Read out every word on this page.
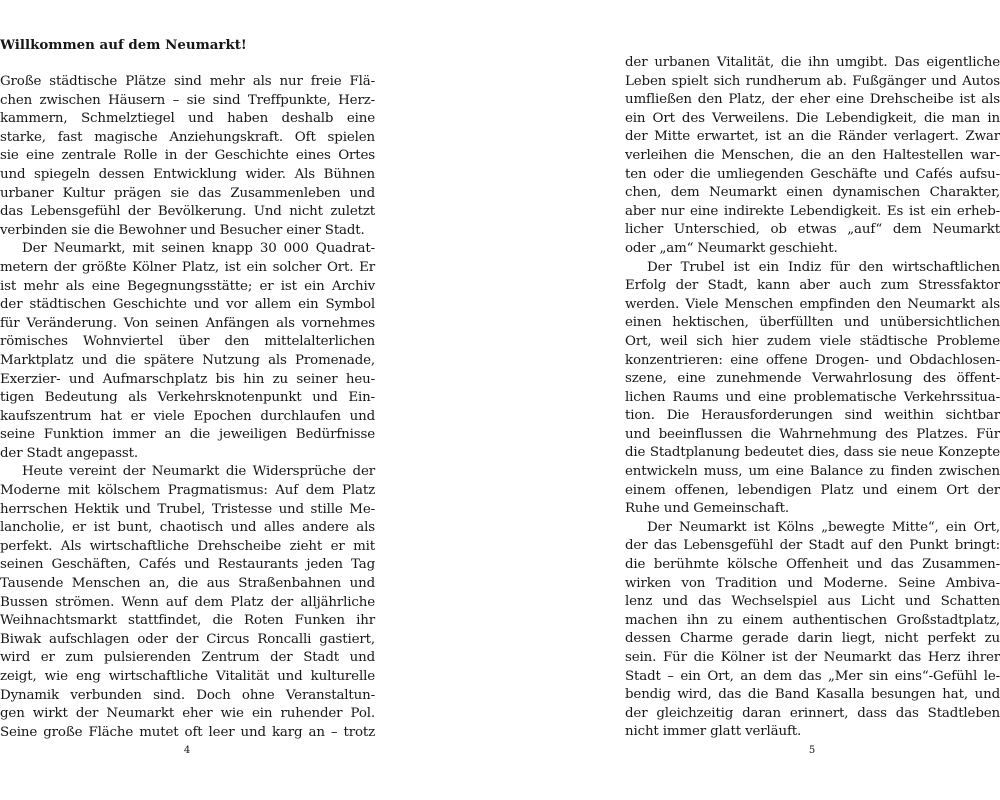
Willkommen auf dem Neumarkt!
Große städtische Plätze sind mehr als nur freie Flä-
chen zwischen Häusern – sie sind Treffpunkte, Herz-
kammern, Schmelztiegel und haben deshalb eine
starke, fast magische Anziehungskraft. Oft spielen
sie eine zentrale Rolle in der Geschichte eines Ortes
und spiegeln dessen Entwicklung wider. Als Bühnen
urbaner Kultur prägen sie das Zusammenleben und
das Lebensgefühl der Bevölkerung. Und nicht zuletzt
verbinden sie die Bewohner und Besucher einer Stadt.
Der Neumarkt, mit seinen knapp 30 000 Quadrat-
metern der größte Kölner Platz, ist ein solcher Ort. Er
ist mehr als eine Begegnungsstätte; er ist ein Archiv
der städtischen Geschichte und vor allem ein Symbol
für Veränderung. Von seinen Anfängen als vornehmes
römisches Wohnviertel über den mittelalterlichen
Marktplatz und die spätere Nutzung als Promenade,
Exerzier- und Aufmarschplatz bis hin zu seiner heu-
tigen Bedeutung als Verkehrsknotenpunkt und Ein-
kaufszentrum hat er viele Epochen durchlaufen und
seine Funktion immer an die jeweiligen Bedürfnisse
der Stadt angepasst.
Heute vereint der Neumarkt die Widersprüche der
Moderne mit kölschem Pragmatismus: Auf dem Platz
herrschen Hektik und Trubel, Tristesse und stille Me-
lancholie, er ist bunt, chaotisch und alles andere als
perfekt. Als wirtschaftliche Drehscheibe zieht er mit
seinen Geschäften, Cafés und Restaurants jeden Tag
Tausende Menschen an, die aus Straßenbahnen und
Bussen strömen. Wenn auf dem Platz der alljährliche
Weihnachtsmarkt stattfindet, die Roten Funken ihr
Biwak aufschlagen oder der Circus Roncalli gastiert,
wird er zum pulsierenden Zentrum der Stadt und
zeigt, wie eng wirtschaftliche Vitalität und kulturelle
Dynamik verbunden sind. Doch ohne Veranstaltun-
gen wirkt der Neumarkt eher wie ein ruhender Pol.
Seine große Fläche mutet oft leer und karg an – trotz
4
der urbanen Vitalität, die ihn umgibt. Das eigentliche
Leben spielt sich rundherum ab. Fußgänger und Autos
umfließen den Platz, der eher eine Drehscheibe ist als
ein Ort des Verweilens. Die Lebendigkeit, die man in
der Mitte erwartet, ist an die Ränder verlagert. Zwar
verleihen die Menschen, die an den Haltestellen war-
ten oder die umliegenden Geschäfte und Cafés aufsu-
chen, dem Neumarkt einen dynamischen Charakter,
aber nur eine indirekte Lebendigkeit. Es ist ein erheb-
licher Unterschied, ob etwas „auf“ dem Neumarkt
oder „am“ Neumarkt geschieht.
Der Trubel ist ein Indiz für den wirtschaftlichen
Erfolg der Stadt, kann aber auch zum Stressfaktor
werden. Viele Menschen empfinden den Neumarkt als
einen hektischen, überfüllten und unübersichtlichen
Ort, weil sich hier zudem viele städtische Probleme
konzentrieren: eine offene Drogen- und Obdachlosen-
szene, eine zunehmende Verwahrlosung des öffent-
lichen Raums und eine problematische Verkehrssitua-
tion. Die Herausforderungen sind weithin sichtbar
und beeinflussen die Wahrnehmung des Platzes. Für
die Stadtplanung bedeutet dies, dass sie neue Konzepte
entwickeln muss, um eine Balance zu finden zwischen
einem offenen, lebendigen Platz und einem Ort der
Ruhe und Gemeinschaft.
Der Neumarkt ist Kölns „bewegte Mitte“, ein Ort,
der das Lebensgefühl der Stadt auf den Punkt bringt:
die berühmte kölsche Offenheit und das Zusammen-
wirken von Tradition und Moderne. Seine Ambiva-
lenz und das Wechselspiel aus Licht und Schatten
machen ihn zu einem authentischen Großstadtplatz,
dessen Charme gerade darin liegt, nicht perfekt zu
sein. Für die Kölner ist der Neumarkt das Herz ihrer
Stadt – ein Ort, an dem das „Mer sin eins“-Gefühl le-
bendig wird, das die Band Kasalla besungen hat, und
der gleichzeitig daran erinnert, dass das Stadtleben
nicht immer glatt verläuft.
5
